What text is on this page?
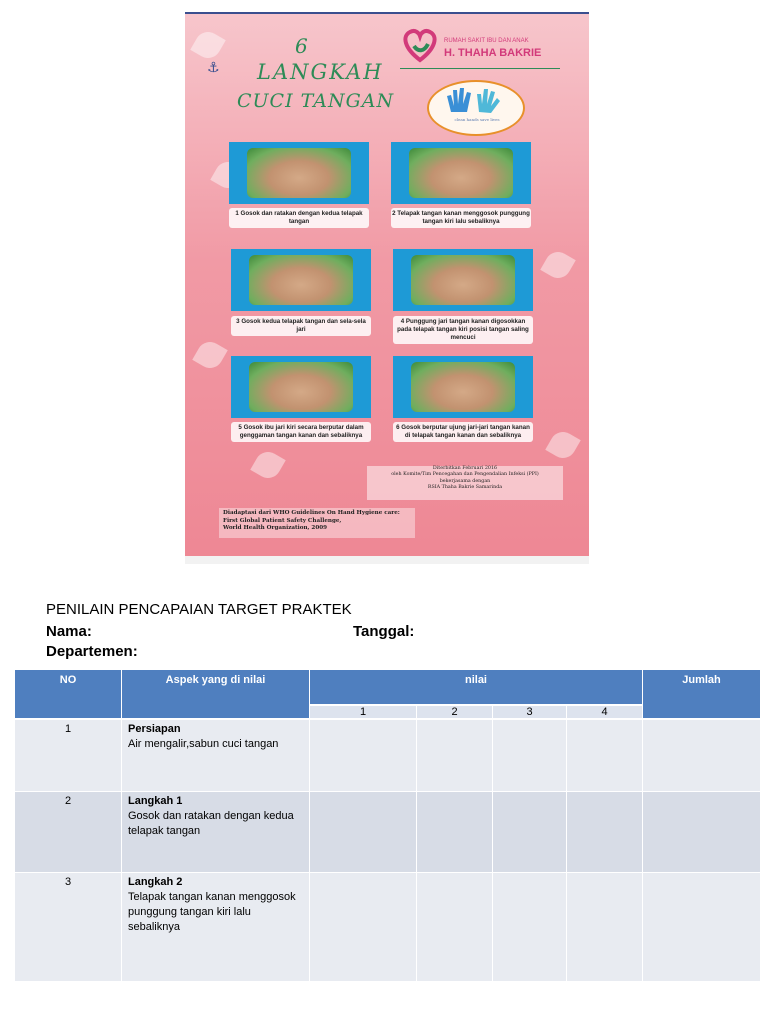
⚓
6
LANGKAH
CUCI TANGAN
RUMAH SAKIT IBU DAN ANAK
H. THAHA BAKRIE
clean hands save lives
1 Gosok dan ratakan dengan kedua telapak tangan
2 Telapak tangan kanan menggosok punggung tangan kiri lalu sebaliknya
3 Gosok kedua telapak tangan dan sela-sela jari
4 Punggung jari tangan kanan digosokkan pada telapak tangan kiri posisi tangan saling mencuci
5 Gosok ibu jari kiri secara berputar dalam genggaman tangan kanan dan sebaliknya
6 Gosok berputar ujung jari-jari tangan kanan di telapak tangan kanan dan sebaliknya
Diterbitkan Februari 2016
oleh Komite/Tim Pencegahan dan Pengendalian Infeksi (PPI)
bekerjasama dengan
RSIA Thaha Bakrie Samarinda
Diadaptasi dari WHO Guidelines On Hand Hygiene care:
First Global Patient Safety Challenge,
World Health Organization, 2009
PENILAIN PENCAPAIAN TARGET PRAKTEK
Nama:	Tanggal:
Departemen:
NO	Aspek yang di nilai	nilai	Jumlah
1	2	3	4
1	Persiapan
Air mengalir,sabun cuci tangan
2	Langkah 1
Gosok dan ratakan dengan kedua telapak tangan
3	Langkah 2
Telapak tangan kanan menggosok punggung tangan kiri lalu sebaliknya
